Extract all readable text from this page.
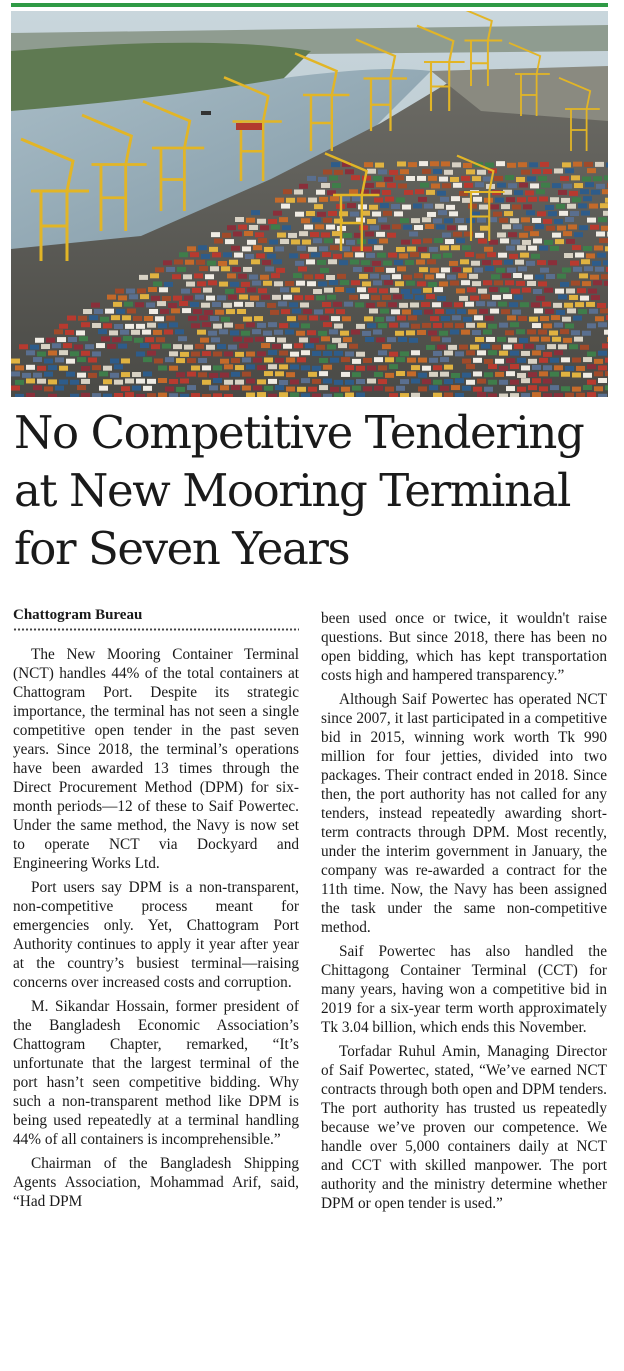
No Competitive Tendering
at New Mooring Terminal
for Seven Years
Chattogram Bureau

The New Mooring Container Terminal (NCT) handles 44% of the total containers at Chattogram Port. Despite its strategic importance, the terminal has not seen a single competitive open tender in the past seven years. Since 2018, the terminal’s operations have been awarded 13 times through the Direct Procurement Method (DPM) for six-month periods—12 of these to Saif Powertec. Under the same method, the Navy is now set to operate NCT via Dockyard and Engineering Works Ltd.

Port users say DPM is a non-transparent, non-competitive process meant for emergencies only. Yet, Chattogram Port Authority continues to apply it year after year at the country’s busiest terminal—raising concerns over increased costs and corruption.

M. Sikandar Hossain, former president of the Bangladesh Economic Association’s Chattogram Chapter, remarked, “It’s unfortunate that the largest terminal of the port hasn’t seen competitive bidding. Why such a non-transparent method like DPM is being used repeatedly at a terminal handling 44% of all containers is incomprehensible.”

Chairman of the Bangladesh Shipping Agents Association, Mohammad Arif, said, “Had DPM

been used once or twice, it wouldn't raise questions. But since 2018, there has been no open bidding, which has kept transportation costs high and hampered transparency.”

Although Saif Powertec has operated NCT since 2007, it last participated in a competitive bid in 2015, winning work worth Tk 990 million for four jetties, divided into two packages. Their contract ended in 2018. Since then, the port authority has not called for any tenders, instead repeatedly awarding short-term contracts through DPM. Most recently, under the interim government in January, the company was re-awarded a contract for the 11th time. Now, the Navy has been assigned the task under the same non-competitive method.

Saif Powertec has also handled the Chittagong Container Terminal (CCT) for many years, having won a competitive bid in 2019 for a six-year term worth approximately Tk 3.04 billion, which ends this November.

Torfadar Ruhul Amin, Managing Director of Saif Powertec, stated, “We’ve earned NCT contracts through both open and DPM tenders. The port authority has trusted us repeatedly because we’ve proven our competence. We handle over 5,000 containers daily at NCT and CCT with skilled manpower. The port authority and the ministry determine whether DPM or open tender is used.”
